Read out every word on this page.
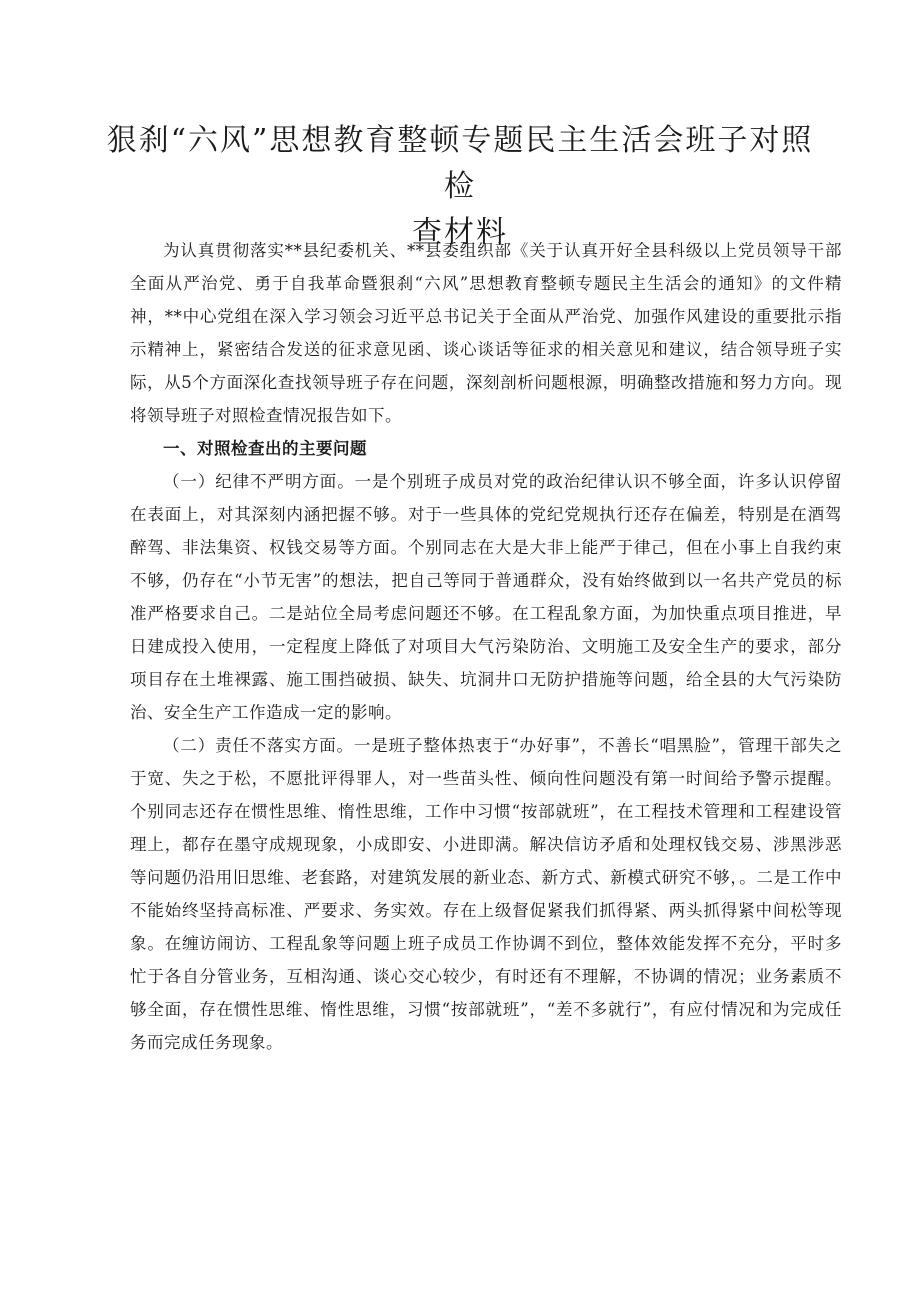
狠刹“六风”思想教育整顿专题民主生活会班子对照检
查材料

为认真贯彻落实**县纪委机关、**县委组织部《关于认真开好全县科级以上党员领导干部全面从严治党、勇于自我革命暨狠刹“六风”思想教育整顿专题民主生活会的通知》的文件精神，**中心党组在深入学习领会习近平总书记关于全面从严治党、加强作风建设的重要批示指示精神上，紧密结合发送的征求意见函、谈心谈话等征求的相关意见和建议，结合领导班子实际，从5个方面深化查找领导班子存在问题，深刻剖析问题根源，明确整改措施和努力方向。现将领导班子对照检查情况报告如下。

一、对照检查出的主要问题

（一）纪律不严明方面。一是个别班子成员对党的政治纪律认识不够全面，许多认识停留在表面上，对其深刻内涵把握不够。对于一些具体的党纪党规执行还存在偏差，特别是在酒驾醉驾、非法集资、权钱交易等方面。个别同志在大是大非上能严于律己，但在小事上自我约束不够，仍存在“小节无害”的想法，把自己等同于普通群众，没有始终做到以一名共产党员的标准严格要求自己。二是站位全局考虑问题还不够。在工程乱象方面，为加快重点项目推进，早日建成投入使用，一定程度上降低了对项目大气污染防治、文明施工及安全生产的要求，部分项目存在土堆裸露、施工围挡破损、缺失、坑洞井口无防护措施等问题，给全县的大气污染防治、安全生产工作造成一定的影响。

（二）责任不落实方面。一是班子整体热衷于“办好事”，不善长“唱黑脸”，管理干部失之于宽、失之于松，不愿批评得罪人，对一些苗头性、倾向性问题没有第一时间给予警示提醒。个别同志还存在惯性思维、惰性思维，工作中习惯“按部就班”，在工程技术管理和工程建设管理上，都存在墨守成规现象，小成即安、小进即满。解决信访矛盾和处理权钱交易、涉黑涉恶等问题仍沿用旧思维、老套路，对建筑发展的新业态、新方式、新模式研究不够，。二是工作中不能始终坚持高标准、严要求、务实效。存在上级督促紧我们抓得紧、两头抓得紧中间松等现象。在缠访闹访、工程乱象等问题上班子成员工作协调不到位，整体效能发挥不充分，平时多忙于各自分管业务，互相沟通、谈心交心较少，有时还有不理解，不协调的情况；业务素质不够全面，存在惯性思维、惰性思维，习惯“按部就班”，“差不多就行”，有应付情况和为完成任务而完成任务现象。
